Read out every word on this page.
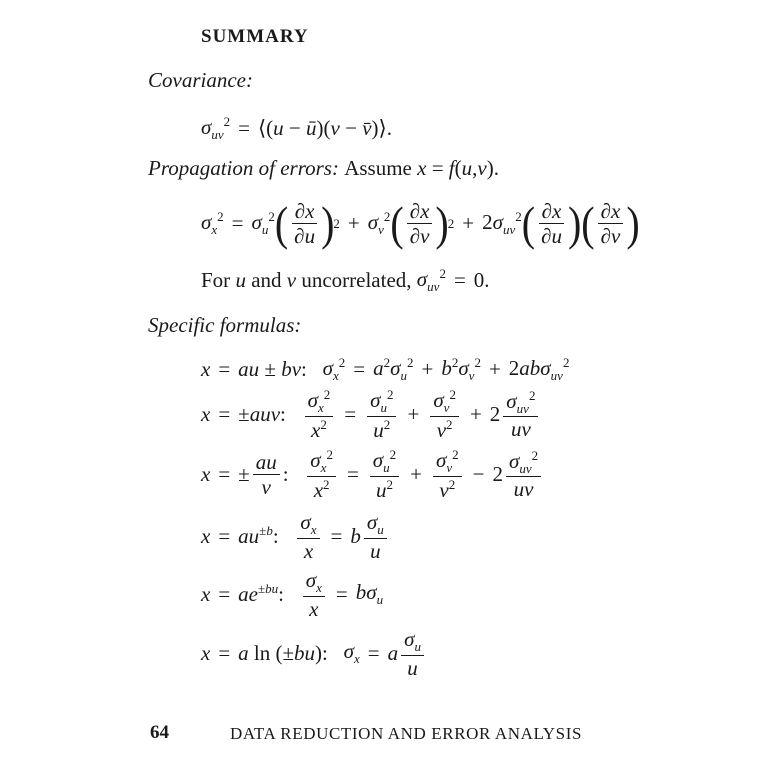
SUMMARY
Covariance:
$\sigma_{uv}^2$ = ⟨(u − ū)(v − v̄)⟩.
Propagation of errors:
Assume x = f(u,v).
$\sigma_x^2 = \sigma_u^2$ ( $\frac{\partial x}{\partial u}$ ) $2 + \sigma_v^2$ ( $\frac{\partial x}{\partial v}$ ) $2 + 2\sigma_{uv}^2$ ( $\frac{\partial x}{\partial u}$ ) ( $\frac{\partial x}{\partial v}$ )
For u and v uncorrelated, $\sigma_{uv}^2 = 0$.
Specific formulas:
x = au ± bv: $\sigma_x^2 = a^2\sigma_u^2 + b^2\sigma_v^2 + 2ab\sigma_{uv}^2$
x = ±auv: $\frac{\sigma_x^2}{x^2} = \frac{\sigma_u^2}{u^2} + \frac{\sigma_v^2}{v^2} + 2 \frac{\sigma_{uv}^2}{uv}$
x = ± $\frac{au}{v}$ : $\frac{\sigma_x^2}{x^2} = \frac{\sigma_u^2}{u^2} + \frac{\sigma_v^2}{v^2} - 2 \frac{\sigma_{uv}^2}{uv}$
$x = au^{\pm b}$: $\frac{\sigma_x}{x} = b \frac{\sigma_u}{u}$
$x = ae^{\pm bu}$: $\frac{\sigma_x}{x} = b\sigma_u$
x = a ln (±bu): $\sigma_x = a \frac{\sigma_u}{u}$
64	DATA REDUCTION AND ERROR ANALYSIS
